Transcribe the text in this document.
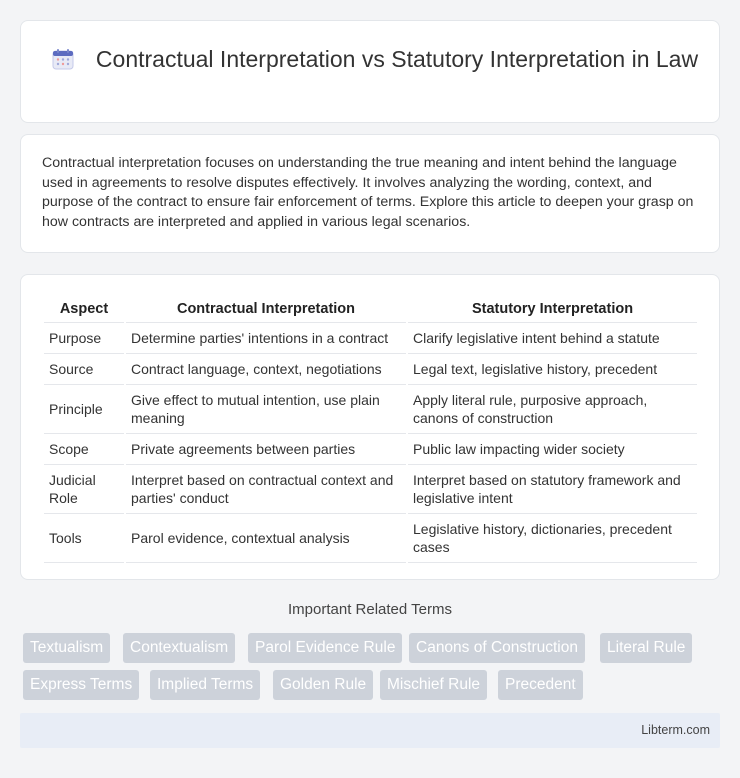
Contractual Interpretation vs Statutory Interpretation in Law

Contractual interpretation focuses on understanding the true meaning and intent behind the language used in agreements to resolve disputes effectively. It involves analyzing the wording, context, and purpose of the contract to ensure fair enforcement of terms. Explore this article to deepen your grasp on how contracts are interpreted and applied in various legal scenarios.

Aspect	Contractual Interpretation	Statutory Interpretation
Purpose	Determine parties' intentions in a contract	Clarify legislative intent behind a statute
Source	Contract language, context, negotiations	Legal text, legislative history, precedent
Principle	Give effect to mutual intention, use plain meaning	Apply literal rule, purposive approach, canons of construction
Scope	Private agreements between parties	Public law impacting wider society
Judicial Role	Interpret based on contractual context and parties' conduct	Interpret based on statutory framework and legislative intent
Tools	Parol evidence, contextual analysis	Legislative history, dictionaries, precedent cases
Important Related Terms
Textualism	Contextualism	Parol Evidence Rule	Canons of Construction	Literal Rule
Express Terms	Implied Terms	Golden Rule	Mischief Rule	Precedent
Libterm.com
